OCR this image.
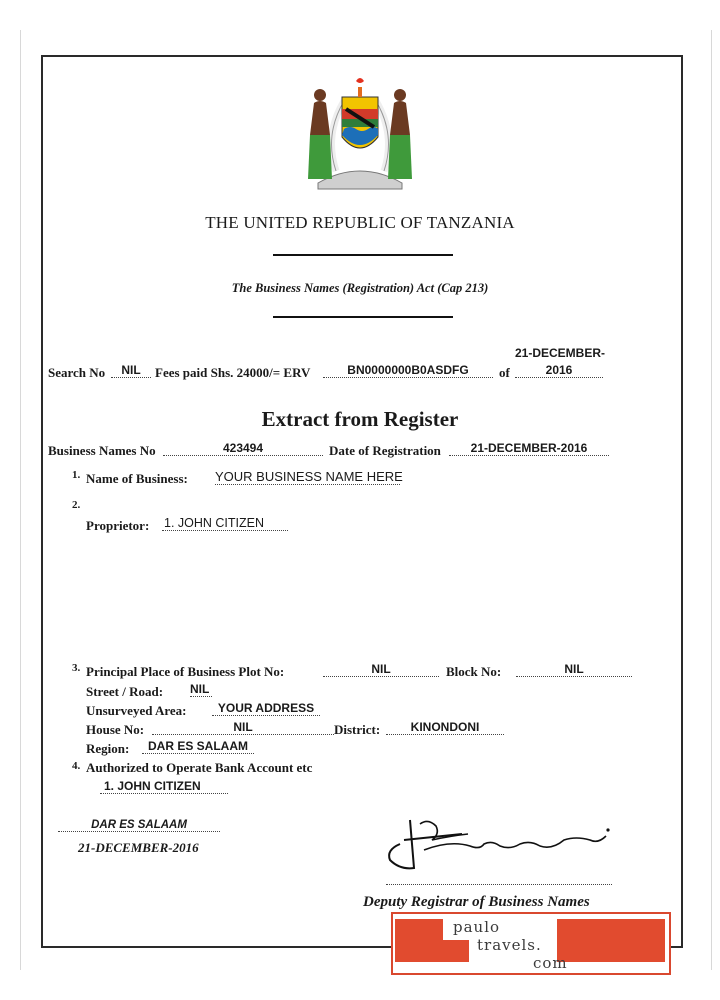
THE UNITED REPUBLIC OF TANZANIA
The Business Names (Registration) Act (Cap 213)
Search No	NIL	Fees paid Shs. 24000/= ERV	BN0000000B0ASDFG	of
21-DECEMBER-
2016
Extract from Register
Business Names No	423494	Date of Registration	21-DECEMBER-2016
1. Name of Business: YOUR BUSINESS NAME HERE
2.
Proprietor: 1. JOHN CITIZEN
3. Principal Place of Business Plot No:	NIL	Block No:	NIL
Street / Road: NIL
Unsurveyed Area:	YOUR ADDRESS
House No:	NIL	District:	KINONDONI
Region:	DAR ES SALAAM
4. Authorized to Operate Bank Account etc
1. JOHN CITIZEN
DAR ES SALAAM
21-DECEMBER-2016
Deputy Registrar of Business Names
paulo
travels.
com
